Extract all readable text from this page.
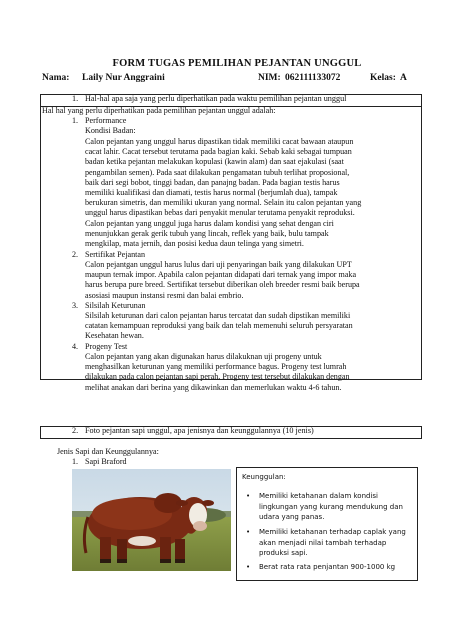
FORM TUGAS PEMILIHAN PEJANTAN UNGGUL
Nama: Laily Nur Anggraini	NIM: 062111133072	Kelas: A
1. Hal-hal apa saja yang perlu diperhatikan pada waktu pemilihan pejantan unggul
Hal hal yang perlu diperhatikan pada pemilihan pejantan unggul adalah:
1. Performance
Kondisi Badan:
Calon pejantan yang unggul harus dipastikan tidak memiliki cacat bawaan ataupun
cacat lahir. Cacat tersebut terutama pada bagian kaki. Sebab kaki sebagai tumpuan
badan ketika pejantan melakukan kopulasi (kawin alam) dan saat ejakulasi (saat
pengambilan semen). Pada saat dilakukan pengamatan tubuh terlihat proposional,
baik dari segi bobot, tinggi badan, dan panajng badan. Pada bagian testis harus
memiliki kualifikasi dan diamati, testis harus normal (berjumlah dua), tampak
berukuran simetris, dan memiliki ukuran yang normal. Selain itu calon pejantan yang
unggul harus dipastikan bebas dari penyakit menular terutama penyakit reproduksi.
Calon pejantan yang unggul juga harus dalam kondisi yang sehat dengan ciri
menunjukkan gerak gerik tubuh yang lincah, reflek yang baik, bulu tampak
mengkilap, mata jernih, dan posisi kedua daun telinga yang simetri.
2. Sertifikat Pejantan
Calon pejantgan unggul harus lulus dari uji penyaringan baik yang dilakukan UPT
maupun ternak impor. Apabila calon pejantan didapati dari ternak yang impor maka
harus berupa pure breed. Sertifikat tersebut diberikan oleh breeder resmi baik berupa
asosiasi maupun instansi resmi dan balai embrio.
3. Silsilah Keturunan
Silsilah keturunan dari calon pejantan harus tercatat dan sudah dipstikan memiliki
catatan kemampuan reproduksi yang baik dan telah memenuhi seluruh persyaratan
Kesehatan hewan.
4. Progeny Test
Calon pejantan yang akan digunakan harus dilakuknan uji progeny untuk
menghasilkan keturunan yang memiliki performance bagus. Progeny test lumrah
dilakukan pada calon pejantan sapi perah. Progeny test tersebut dilakukan dengan
melihat anakan dari berina yang dikawinkan dan memerlukan waktu 4-6 tahun.
2. Foto pejantan sapi unggul, apa jenisnya dan keunggulannya (10 jenis)
Jenis Sapi dan Keunggulannya:
1. Sapi Braford
Keunggulan:
• Memiliki ketahanan dalam kondisi
lingkungan yang kurang mendukung dan
udara yang panas.
• Memiliki ketahanan terhadap caplak yang
akan menjadi nilai tambah terhadap
produksi sapi.
• Berat rata rata penjantan 900-1000 kg
